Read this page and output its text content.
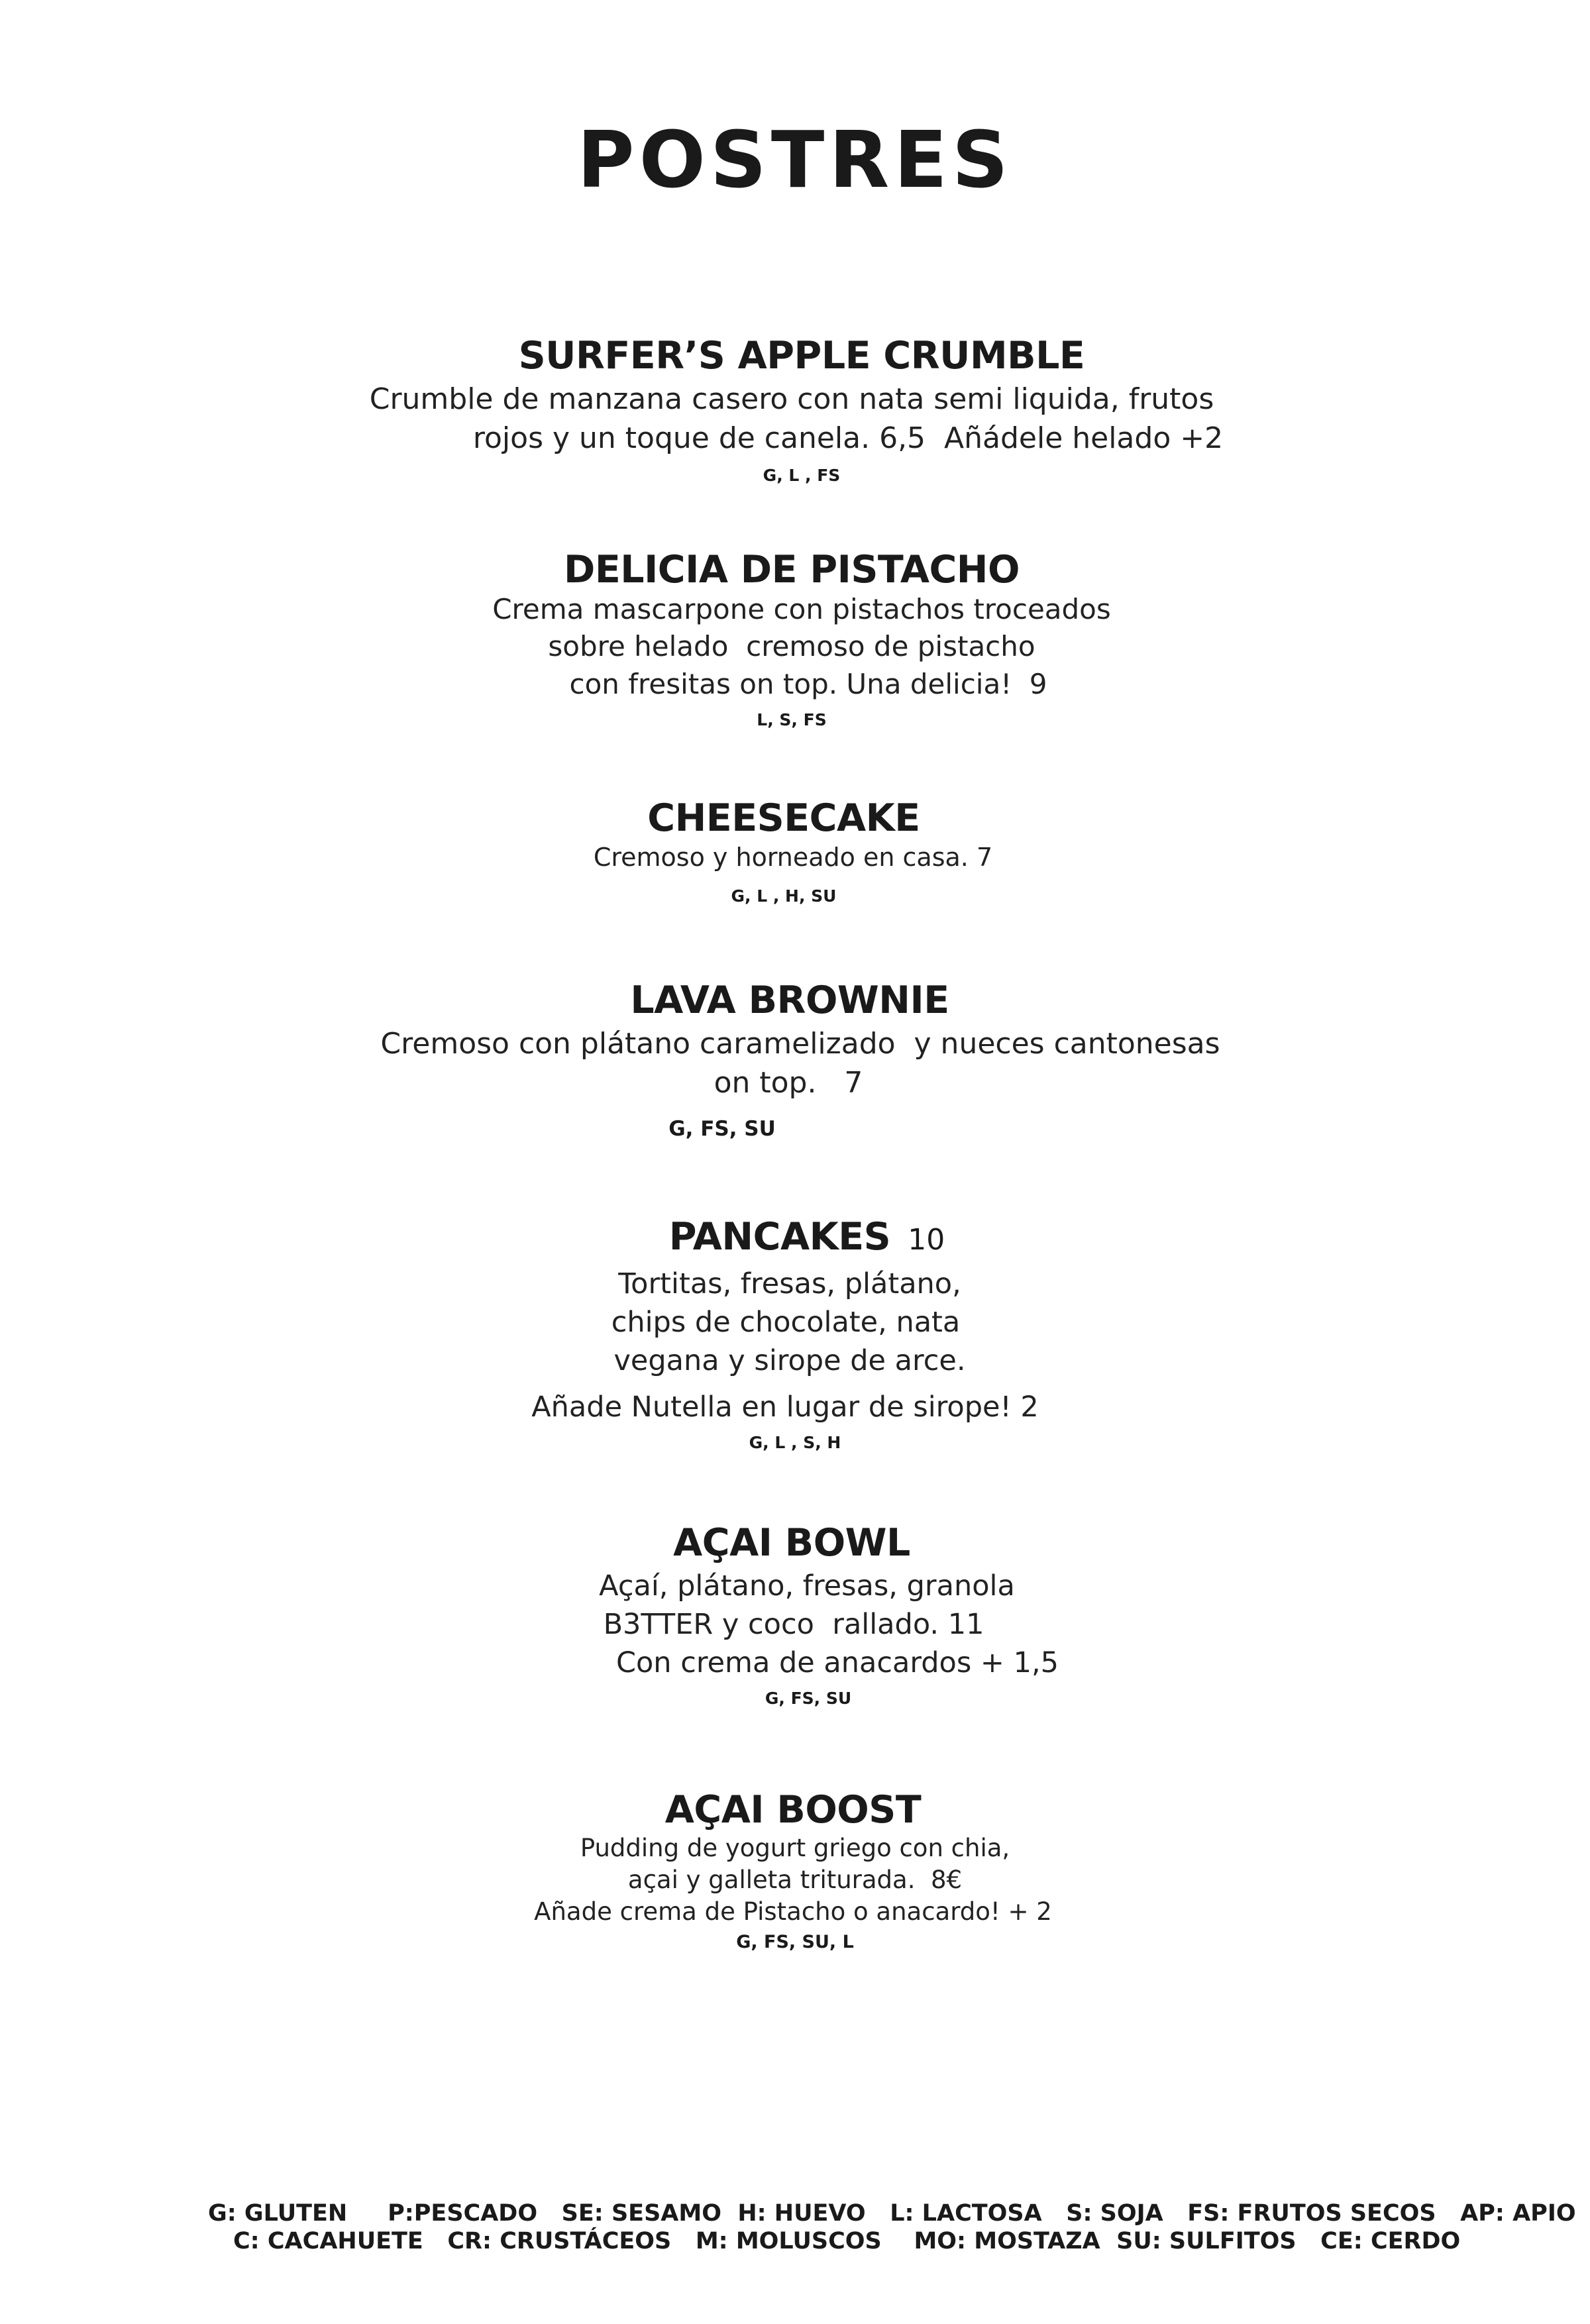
POSTRES
SURFER’S APPLE CRUMBLE
Crumble de manzana casero con nata semi liquida, frutos
rojos y un toque de canela. 6,5  Añádele helado +2
G, L , FS
DELICIA DE PISTACHO
Crema mascarpone con pistachos troceados
sobre helado  cremoso de pistacho
con fresitas on top. Una delicia!  9
L, S, FS
CHEESECAKE
Cremoso y horneado en casa. 7
G, L , H, SU
LAVA BROWNIE
Cremoso con plátano caramelizado  y nueces cantonesas
on top.   7
G, FS, SU
PANCAKES 10
Tortitas, fresas, plátano,
chips de chocolate, nata
vegana y sirope de arce.
Añade Nutella en lugar de sirope! 2
G, L , S, H
AÇAI BOWL
Açaí, plátano, fresas, granola
B3TTER y coco  rallado. 11
Con crema de anacardos + 1,5
G, FS, SU
AÇAI BOOST
Pudding de yogurt griego con chia,
açai y galleta triturada.  8€
Añade crema de Pistacho o anacardo! + 2
G, FS, SU, L
G: GLUTEN     P:PESCADO   SE: SESAMO  H: HUEVO   L: LACTOSA   S: SOJA   FS: FRUTOS SECOS   AP: APIO
C: CACAHUETE   CR: CRUSTÁCEOS   M: MOLUSCOS    MO: MOSTAZA  SU: SULFITOS   CE: CERDO
